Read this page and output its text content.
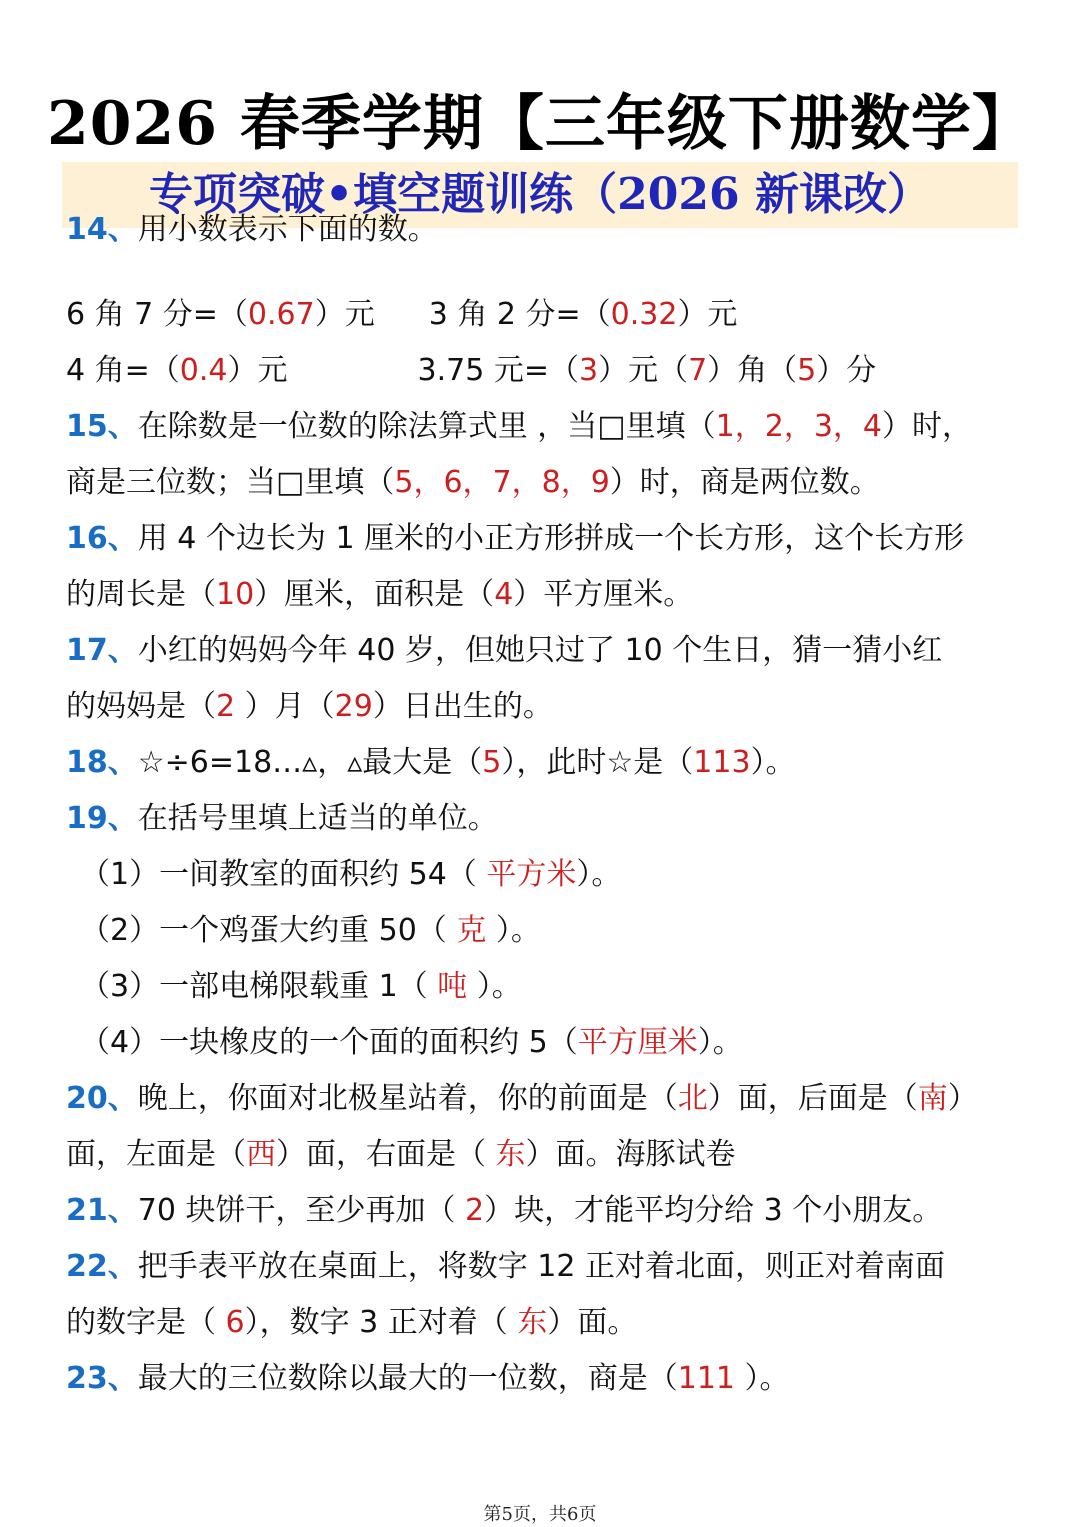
2026 春季学期【三年级下册数学】
专项突破•填空题训练（2026 新课改）
14、用小数表示下面的数。
6 角 7 分=（0.67）元 3 角 2 分=（0.32）元
4 角=（0.4）元	3.75 元=（3）元（7）角（5）分
15、在除数是一位数的除法算式里 ，当□里填（1，2，3，4）时，
商是三位数；当□里填（5，6，7，8，9）时，商是两位数。
16、用 4 个边长为 1 厘米的小正方形拼成一个长方形，这个长方形
的周长是（10）厘米，面积是（4）平方厘米。
17、小红的妈妈今年 40 岁，但她只过了 10 个生日，猜一猜小红
的妈妈是（2 ）月（29）日出生的。
18、☆÷6=18…▵，▵最大是（5），此时☆是（113）。
19、在括号里填上适当的单位。
（1）一间教室的面积约 54（ 平方米）。
（2）一个鸡蛋大约重 50（ 克 ）。
（3）一部电梯限载重 1（ 吨 ）。
（4）一块橡皮的一个面的面积约 5（平方厘米）。
20、晚上，你面对北极星站着，你的前面是（北）面，后面是（南）
面，左面是（西）面，右面是（ 东）面。海豚试卷
21、70 块饼干，至少再加（ 2）块，才能平均分给 3 个小朋友。
22、把手表平放在桌面上，将数字 12 正对着北面，则正对着南面
的数字是（ 6），数字 3 正对着（ 东）面。
23、最大的三位数除以最大的一位数，商是（111 ）。
第5页，共6页
